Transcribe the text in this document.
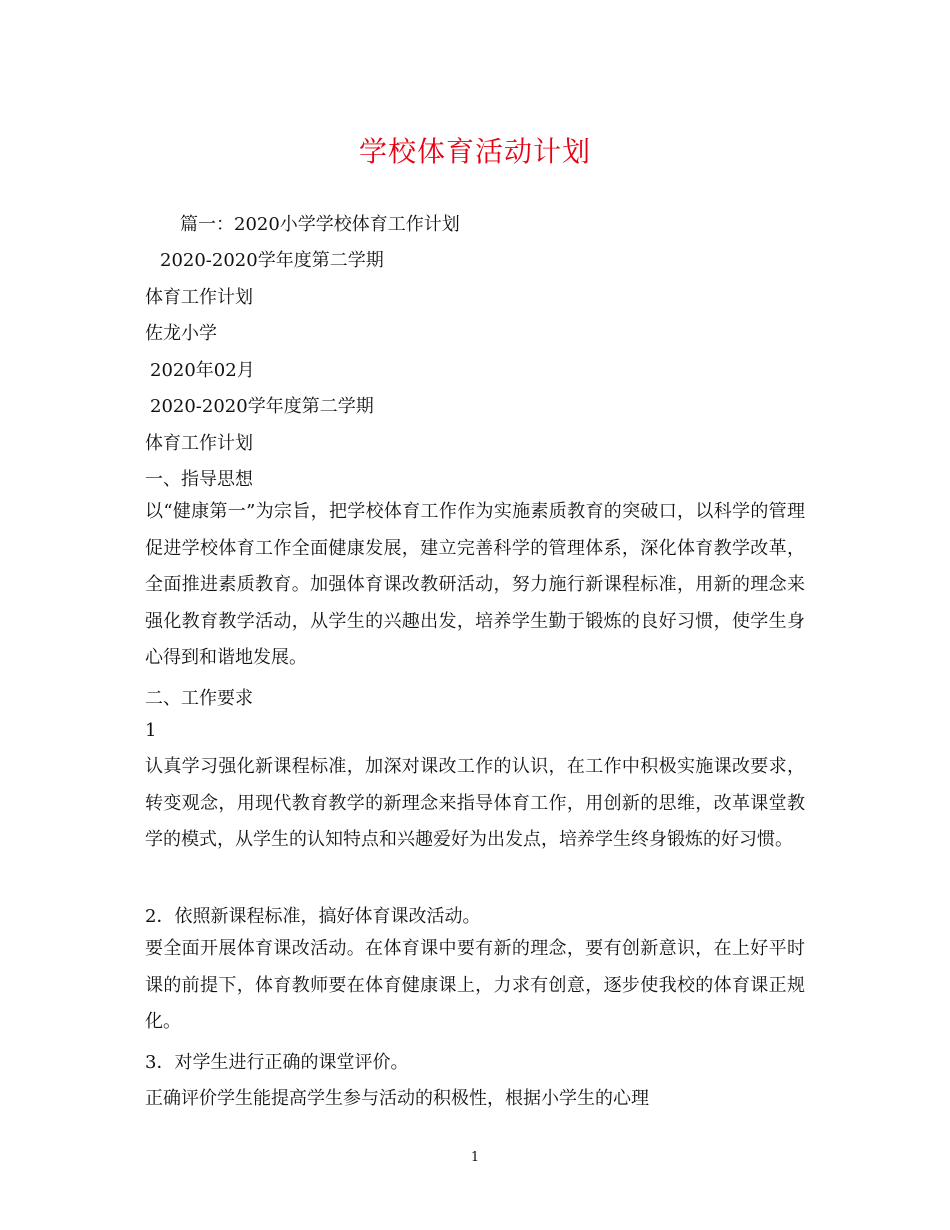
学校体育活动计划
篇一：2020小学学校体育工作计划
2020-2020学年度第二学期
体育工作计划
佐龙小学
2020年02月
2020-2020学年度第二学期
体育工作计划
一、指导思想
以“健康第一”为宗旨，把学校体育工作作为实施素质教育的突破口，以科学的管理促进学校体育工作全面健康发展，建立完善科学的管理体系，深化体育教学改革，全面推进素质教育。加强体育课改教研活动，努力施行新课程标准，用新的理念来强化教育教学活动，从学生的兴趣出发，培养学生勤于锻炼的良好习惯，使学生身心得到和谐地发展。
二、工作要求
1
认真学习强化新课程标准，加深对课改工作的认识，在工作中积极实施课改要求，转变观念，用现代教育教学的新理念来指导体育工作，用创新的思维，改革课堂教学的模式，从学生的认知特点和兴趣爱好为出发点，培养学生终身锻炼的好习惯。
2．依照新课程标准，搞好体育课改活动。
要全面开展体育课改活动。在体育课中要有新的理念，要有创新意识，在上好平时课的前提下，体育教师要在体育健康课上，力求有创意，逐步使我校的体育课正规化。
3．对学生进行正确的课堂评价。
正确评价学生能提高学生参与活动的积极性，根据小学生的心理
1
